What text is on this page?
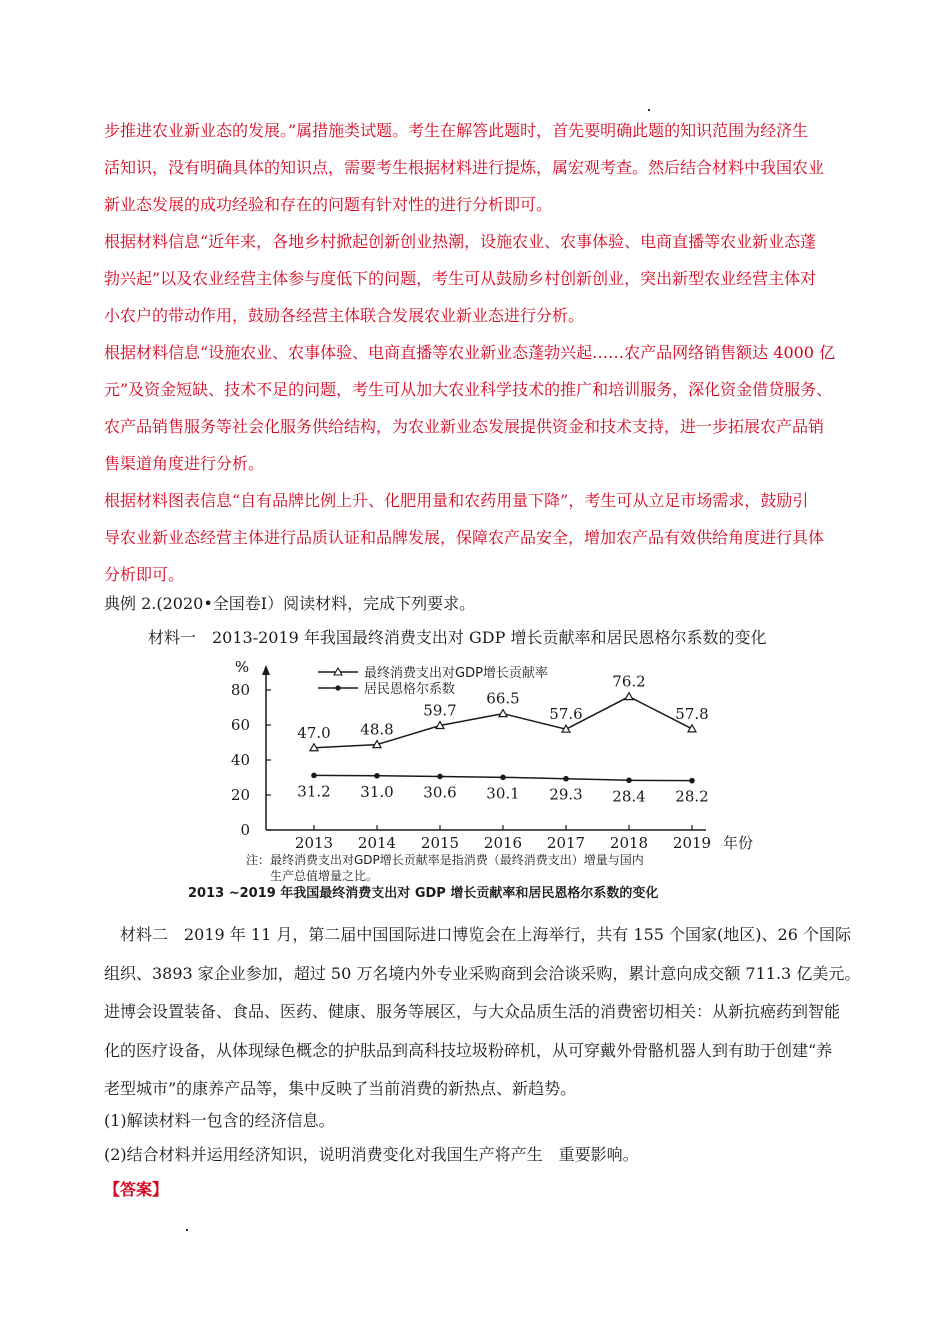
步推进农业新业态的发展。”属措施类试题。考生在解答此题时，首先要明确此题的知识范围为经济生
活知识，没有明确具体的知识点，需要考生根据材料进行提炼，属宏观考查。然后结合材料中我国农业
新业态发展的成功经验和存在的问题有针对性的进行分析即可。
根据材料信息“近年来，各地乡村掀起创新创业热潮，设施农业、农事体验、电商直播等农业新业态蓬
勃兴起”以及农业经营主体参与度低下的问题，考生可从鼓励乡村创新创业，突出新型农业经营主体对
小农户的带动作用，鼓励各经营主体联合发展农业新业态进行分析。
根据材料信息“设施农业、农事体验、电商直播等农业新业态蓬勃兴起……农产品网络销售额达 4000 亿
元”及资金短缺、技术不足的问题，考生可从加大农业科学技术的推广和培训服务，深化资金借贷服务、
农产品销售服务等社会化服务供给结构，为农业新业态发展提供资金和技术支持，进一步拓展农产品销
售渠道角度进行分析。
根据材料图表信息“自有品牌比例上升、化肥用量和农药用量下降”，考生可从立足市场需求，鼓励引
导农业新业态经营主体进行品质认证和品牌发展，保障农产品安全，增加农产品有效供给角度进行具体
分析即可。
典例 2.(2020•全国卷Ⅰ）阅读材料，完成下列要求。
材料一　2013-2019 年我国最终消费支出对 GDP 增长贡献率和居民恩格尔系数的变化
%
0
20
40
60
80
2013 2014 2015 2016 2017 2018 2019 年份
47.0 48.8
59.7
66.5
57.6
76.2
57.8
31.2 31.0 30.6 30.1 29.3 28.4 28.2
最终消费支出对GDP增长贡献率
居民恩格尔系数
注：最终消费支出对GDP增长贡献率是指消费（最终消费支出）增量与国内
生产总值增量之比。
2013 ~2019 年我国最终消费支出对 GDP 增长贡献率和居民恩格尔系数的变化
材料二　2019 年 11 月，第二届中国国际进口博览会在上海举行，共有 155 个国家(地区)、26 个国际
组织、3893 家企业参加，超过 50 万名境内外专业采购商到会洽谈采购，累计意向成交额 711.3 亿美元。
进博会设置装备、食品、医药、健康、服务等展区，与大众品质生活的消费密切相关：从新抗癌药到智能
化的医疗设备，从体现绿色概念的护肤品到高科技垃圾粉碎机，从可穿戴外骨骼机器人到有助于创建“养
老型城市”的康养产品等，集中反映了当前消费的新热点、新趋势。
(1)解读材料一包含的经济信息。
(2)结合材料并运用经济知识，说明消费变化对我国生产将产生　重要影响。
【答案】
